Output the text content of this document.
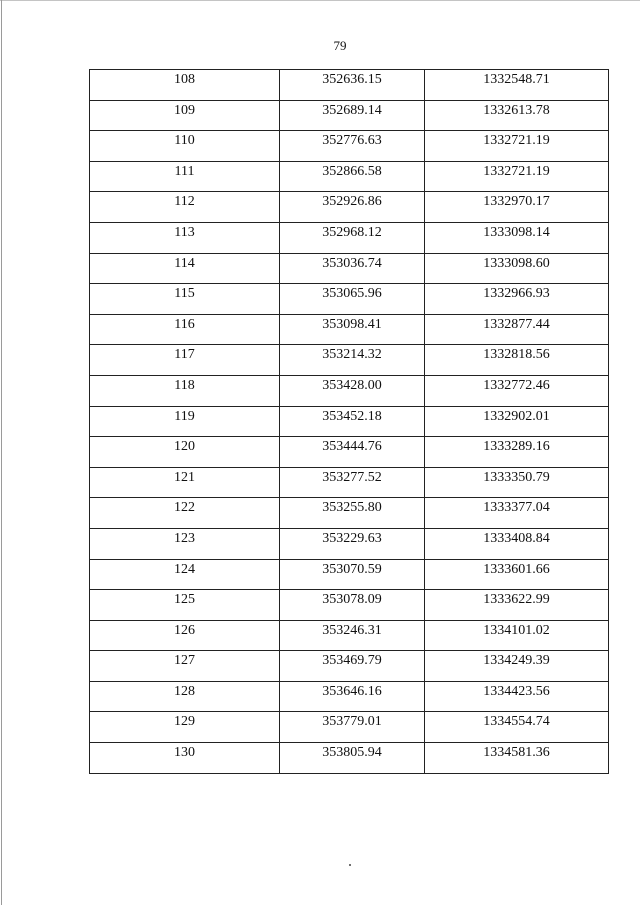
79
108	352636.15	1332548.71
109	352689.14	1332613.78
110	352776.63	1332721.19
111	352866.58	1332721.19
112	352926.86	1332970.17
113	352968.12	1333098.14
114	353036.74	1333098.60
115	353065.96	1332966.93
116	353098.41	1332877.44
117	353214.32	1332818.56
118	353428.00	1332772.46
119	353452.18	1332902.01
120	353444.76	1333289.16
121	353277.52	1333350.79
122	353255.80	1333377.04
123	353229.63	1333408.84
124	353070.59	1333601.66
125	353078.09	1333622.99
126	353246.31	1334101.02
127	353469.79	1334249.39
128	353646.16	1334423.56
129	353779.01	1334554.74
130	353805.94	1334581.36
